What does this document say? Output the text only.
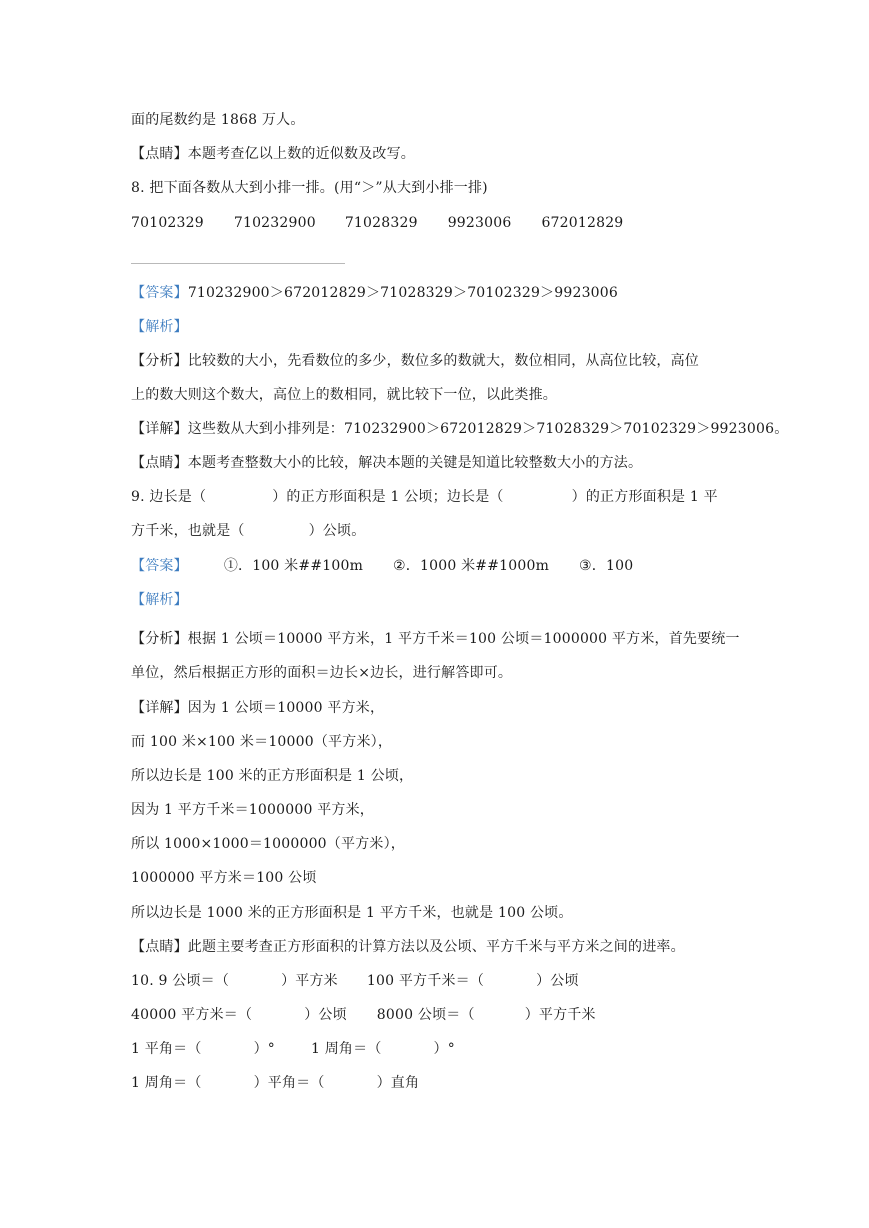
面的尾数约是 1868 万人。
【点睛】本题考查亿以上数的近似数及改写。
8. 把下面各数从大到小排一排。(用“＞”从大到小排一排)
70102329 710232900 71028329 9923006 672012829
【答案】710232900＞672012829＞71028329＞70102329＞9923006
【解析】
【分析】比较数的大小，先看数位的多少，数位多的数就大，数位相同，从高位比较，高位
上的数大则这个数大，高位上的数相同，就比较下一位，以此类推。
【详解】这些数从大到小排列是：710232900＞672012829＞71028329＞70102329＞9923006。
【点睛】本题考查整数大小的比较，解决本题的关键是知道比较整数大小的方法。
9. 边长是（	）的正方形面积是 1 公顷；边长是（	）的正方形面积是 1 平
方千米，也就是（	）公顷。
【答案】	①．100 米##100m ②．1000 米##1000m ③．100
【解析】
【分析】根据 1 公顷＝10000 平方米，1 平方千米＝100 公顷＝1000000 平方米，首先要统一
单位，然后根据正方形的面积＝边长×边长，进行解答即可。
【详解】因为 1 公顷＝10000 平方米，
而 100 米×100 米＝10000（平方米），
所以边长是 100 米的正方形面积是 1 公顷，
因为 1 平方千米＝1000000 平方米，
所以 1000×1000＝1000000（平方米），
1000000 平方米＝100 公顷
所以边长是 1000 米的正方形面积是 1 平方千米，也就是 100 公顷。
【点睛】此题主要考查正方形面积的计算方法以及公顷、平方千米与平方米之间的进率。
10. 9 公顷＝（	）平方米 100 平方千米＝（	）公顷
40000 平方米＝（	）公顷 8000 公顷＝（	）平方千米
1 平角＝（	）°	1 周角＝（	）°
1 周角＝（	）平角＝（	）直角
